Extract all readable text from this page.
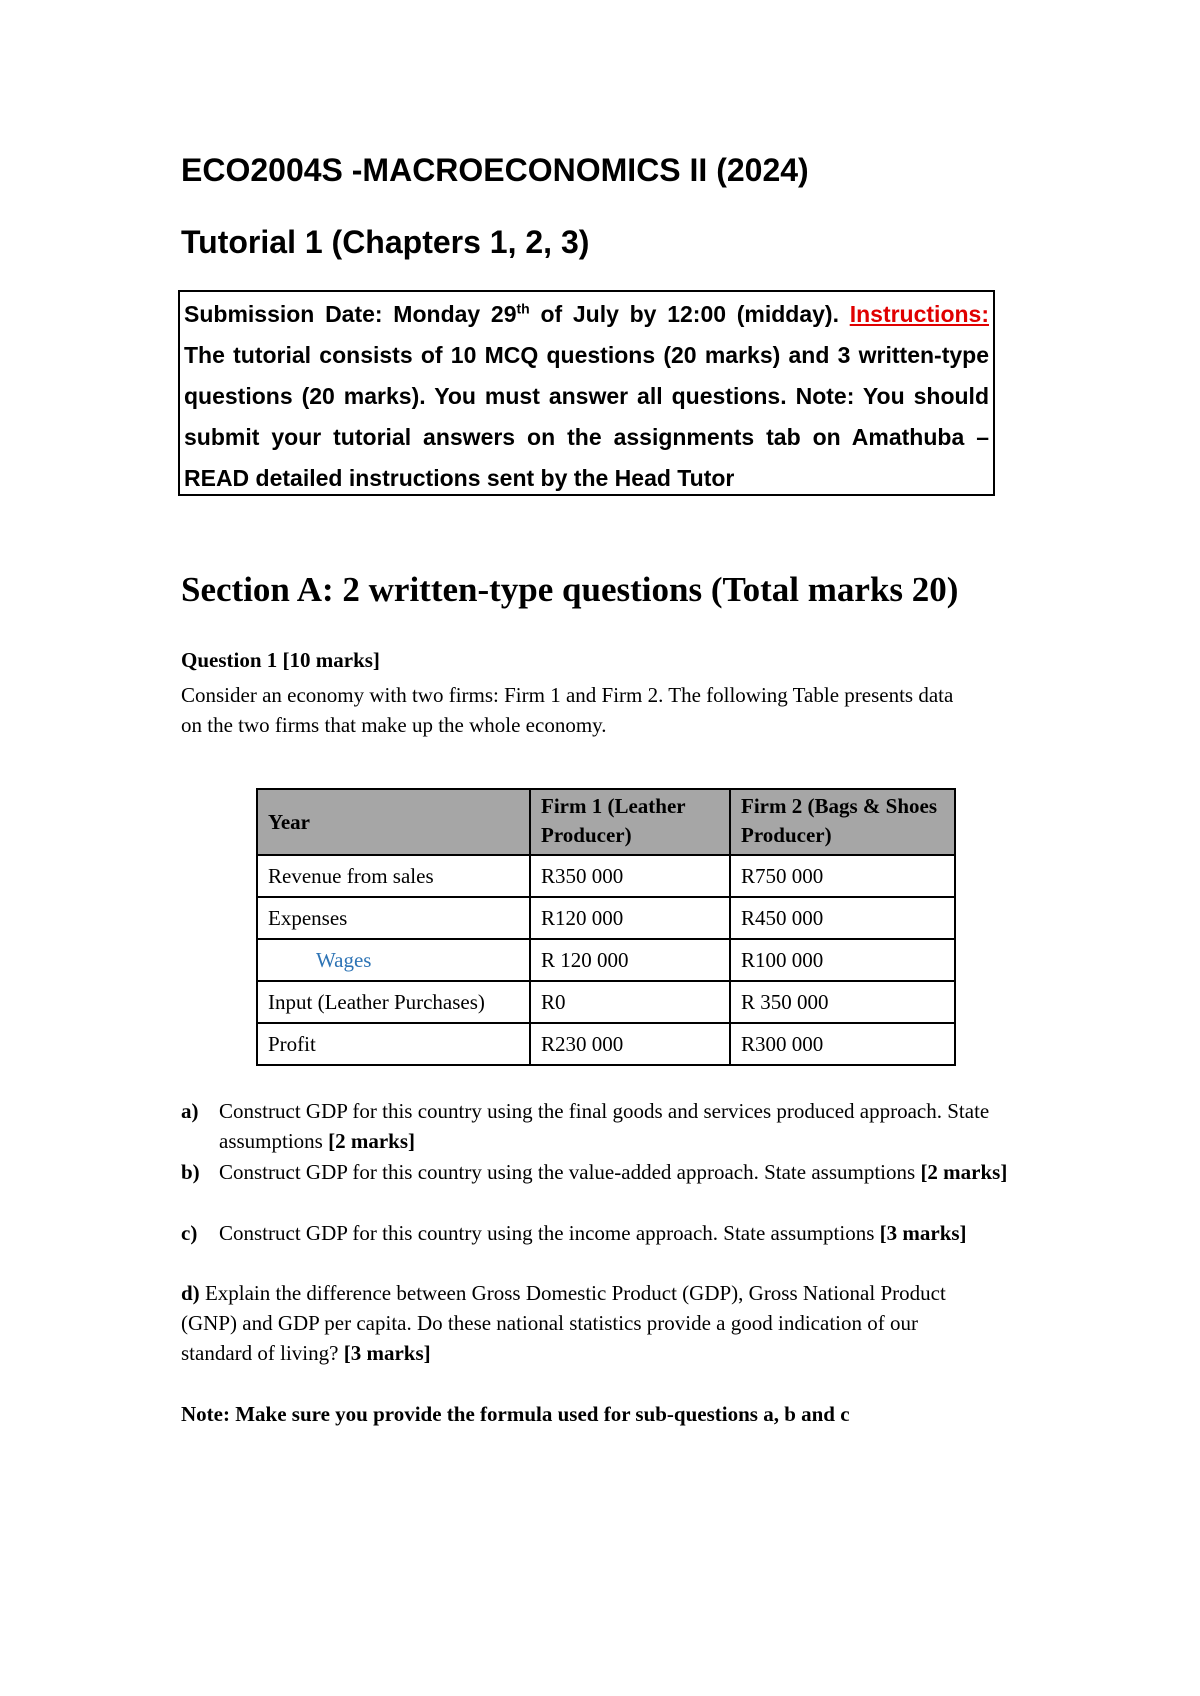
ECO2004S -MACROECONOMICS II (2024)
Tutorial 1 (Chapters 1, 2, 3)

Submission Date: Monday 29th of July by 12:00 (midday). Instructions: The tutorial consists of 10 MCQ questions (20 marks) and 3 written-type questions (20 marks). You must answer all questions. Note: You should submit your tutorial answers on the assignments tab on Amathuba – READ detailed instructions sent by the Head Tutor

Section A: 2 written-type questions (Total marks 20)
Question 1 [10 marks]
Consider an economy with two firms: Firm 1 and Firm 2. The following Table presents data on the two firms that make up the whole economy.
Year	Firm 1 (Leather Producer)	Firm 2 (Bags & Shoes Producer)
Revenue from sales	R350 000	R750 000
Expenses	R120 000	R450 000
Wages	R 120 000	R100 000
Input (Leather Purchases)	R0	R 350 000
Profit	R230 000	R300 000
a) Construct GDP for this country using the final goods and services produced approach. State assumptions [2 marks]
b) Construct GDP for this country using the value-added approach. State assumptions [2 marks]
c) Construct GDP for this country using the income approach. State assumptions [3 marks]
d) Explain the difference between Gross Domestic Product (GDP), Gross National Product (GNP) and GDP per capita. Do these national statistics provide a good indication of our standard of living? [3 marks]
Note: Make sure you provide the formula used for sub-questions a, b and c
